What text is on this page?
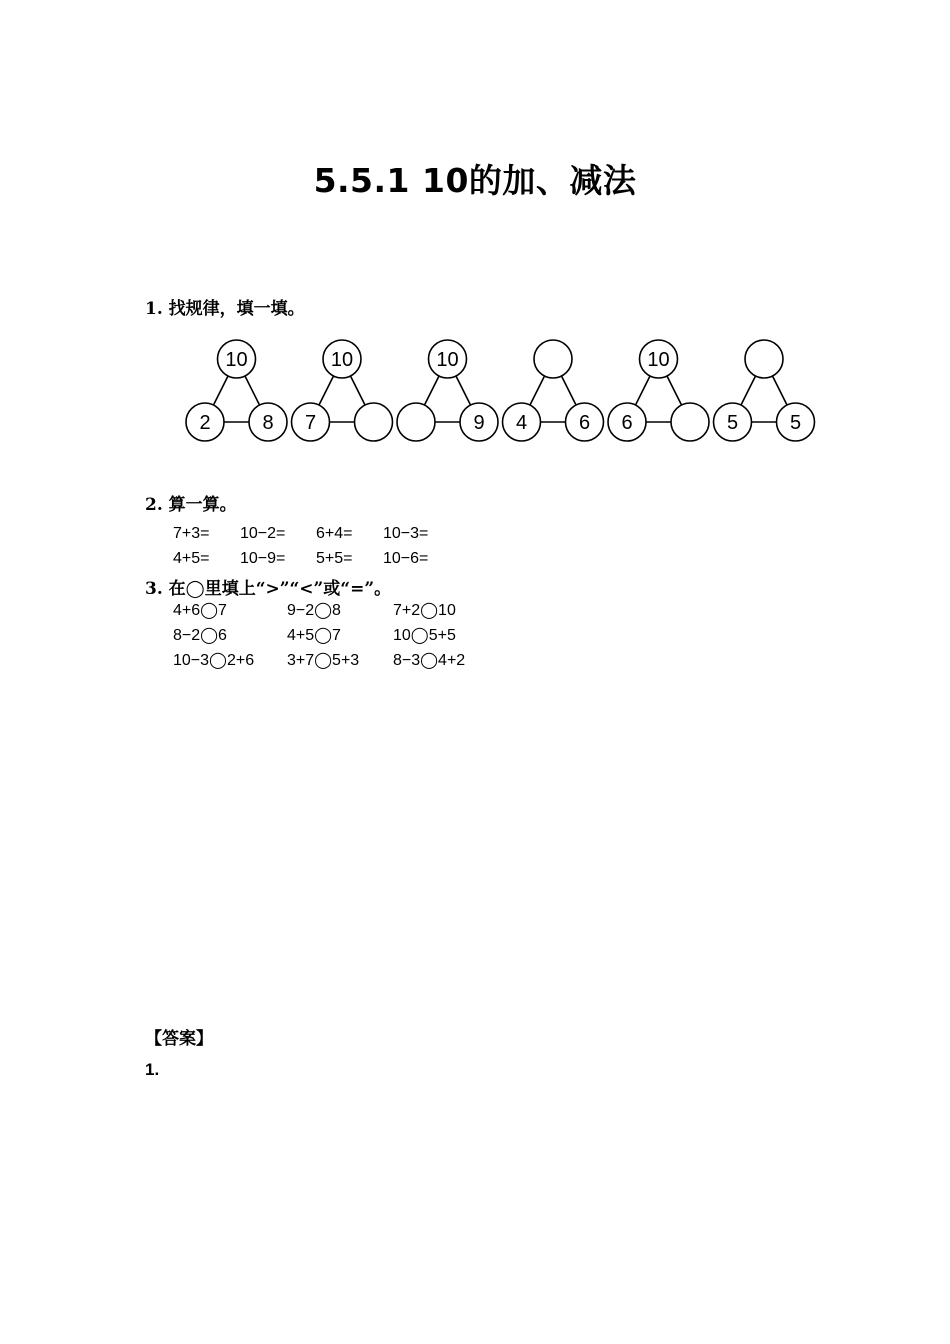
5.5.1 10的加、减法
1. 找规律，填一填。
10
2	8
10
7
10
9 4	6
10
6	5	5
2. 算一算。
7+3= 10−2= 6+4= 10−3=
4+5= 10−9= 5+5= 10−6=
3. 在◯里填上“>”“<”或“=”。
4+6◯7	9−2◯8	7+2◯10
8−2◯6	4+5◯7	10◯5+5
10−3◯2+6 3+7◯5+3 8−3◯4+2
【答案】
1.
